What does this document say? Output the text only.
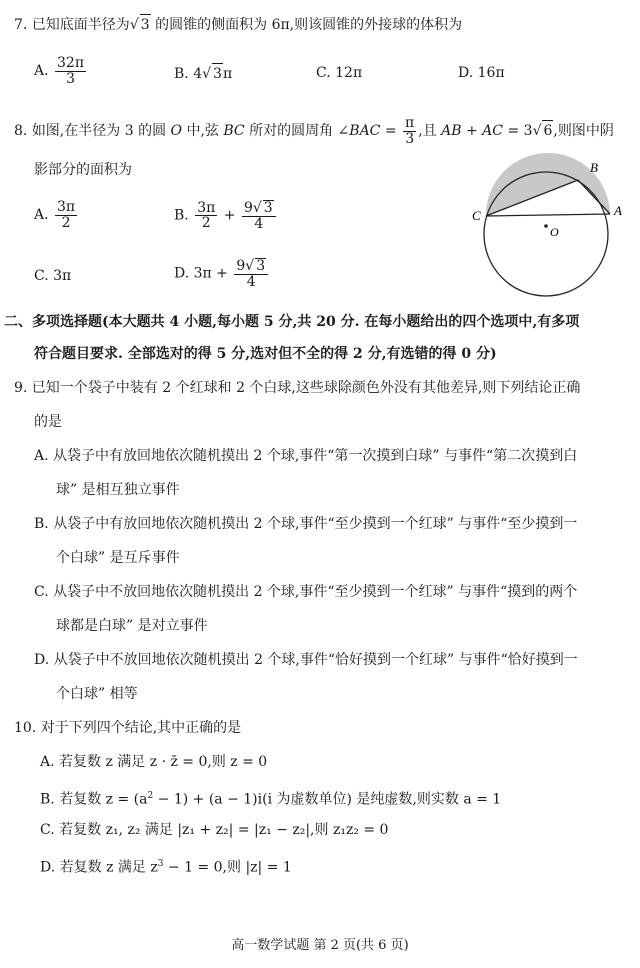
7. 已知底面半径为√ 3 的圆锥的侧面积为 6π,则该圆锥的外接球的体积为
A. $\frac{32\pi}{3}$	B. 4√ 3π	C. 12π	D. 16π
8. 如图,在半径为 3 的圆 O 中,弦 BC 所对的圆周角 ∠BAC = $\frac{\pi}{3}$ ,且 AB + AC = 3√ 6,则图中阴
影部分的面积为
A. $\frac{3\pi}{2}$	B. $\frac{3\pi}{2} + \frac{9√ 3}{4}$
C. 3π	D. $3\pi + \frac{9√ 3}{4}$
B
C	A
O
二、多项选择题(本大题共 4 小题,每小题 5 分,共 20 分. 在每小题给出的四个选项中,有多项
符合题目要求. 全部选对的得 5 分,选对但不全的得 2 分,有选错的得 0 分)
9. 已知一个袋子中装有 2 个红球和 2 个白球,这些球除颜色外没有其他差异,则下列结论正确
的是
A. 从袋子中有放回地依次随机摸出 2 个球,事件“第一次摸到白球” 与事件“第二次摸到白
球” 是相互独立事件
B. 从袋子中有放回地依次随机摸出 2 个球,事件“至少摸到一个红球” 与事件“至少摸到一
个白球” 是互斥事件
C. 从袋子中不放回地依次随机摸出 2 个球,事件“至少摸到一个红球” 与事件“摸到的两个
球都是白球” 是对立事件
D. 从袋子中不放回地依次随机摸出 2 个球,事件“恰好摸到一个红球” 与事件“恰好摸到一
个白球” 相等
10. 对于下列四个结论,其中正确的是
A. 若复数 z 满足 z · z̄ = 0,则 z = 0
B. 若复数 $z = (a^2 - 1) + (a - 1)i(i$ 为虚数单位) 是纯虚数,则实数 a = 1
C. 若复数 z₁, z₂ 满足 |z₁ + z₂| = |z₁ − z₂|,则 z₁z₂ = 0
D. 若复数 z 满足 $z^3 - 1 = 0$,则 |z| = 1
高一数学试题 第 2 页(共 6 页)
